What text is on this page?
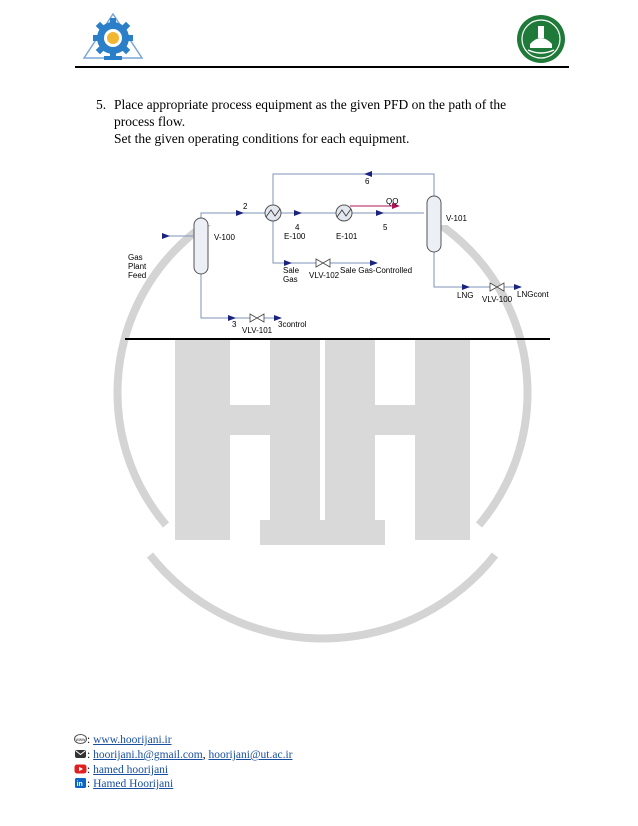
5. Place appropriate process equipment as the given PFD on the path of the
process flow.
Set the given operating conditions for each equipment.
Gas
Plant
Feed
V-100
2
4
E-100	E-101
QQ
5
6
V-101
Sale
Gas VLV-102
Sale Gas-Controlled
LNG VLV-100
LNGcont
3
VLV-101
3control
www : www.hoorijani.ir
: hoorijani.h@gmail.com, hoorijani@ut.ac.ir
: hamed hoorijani
in : Hamed Hoorijani
